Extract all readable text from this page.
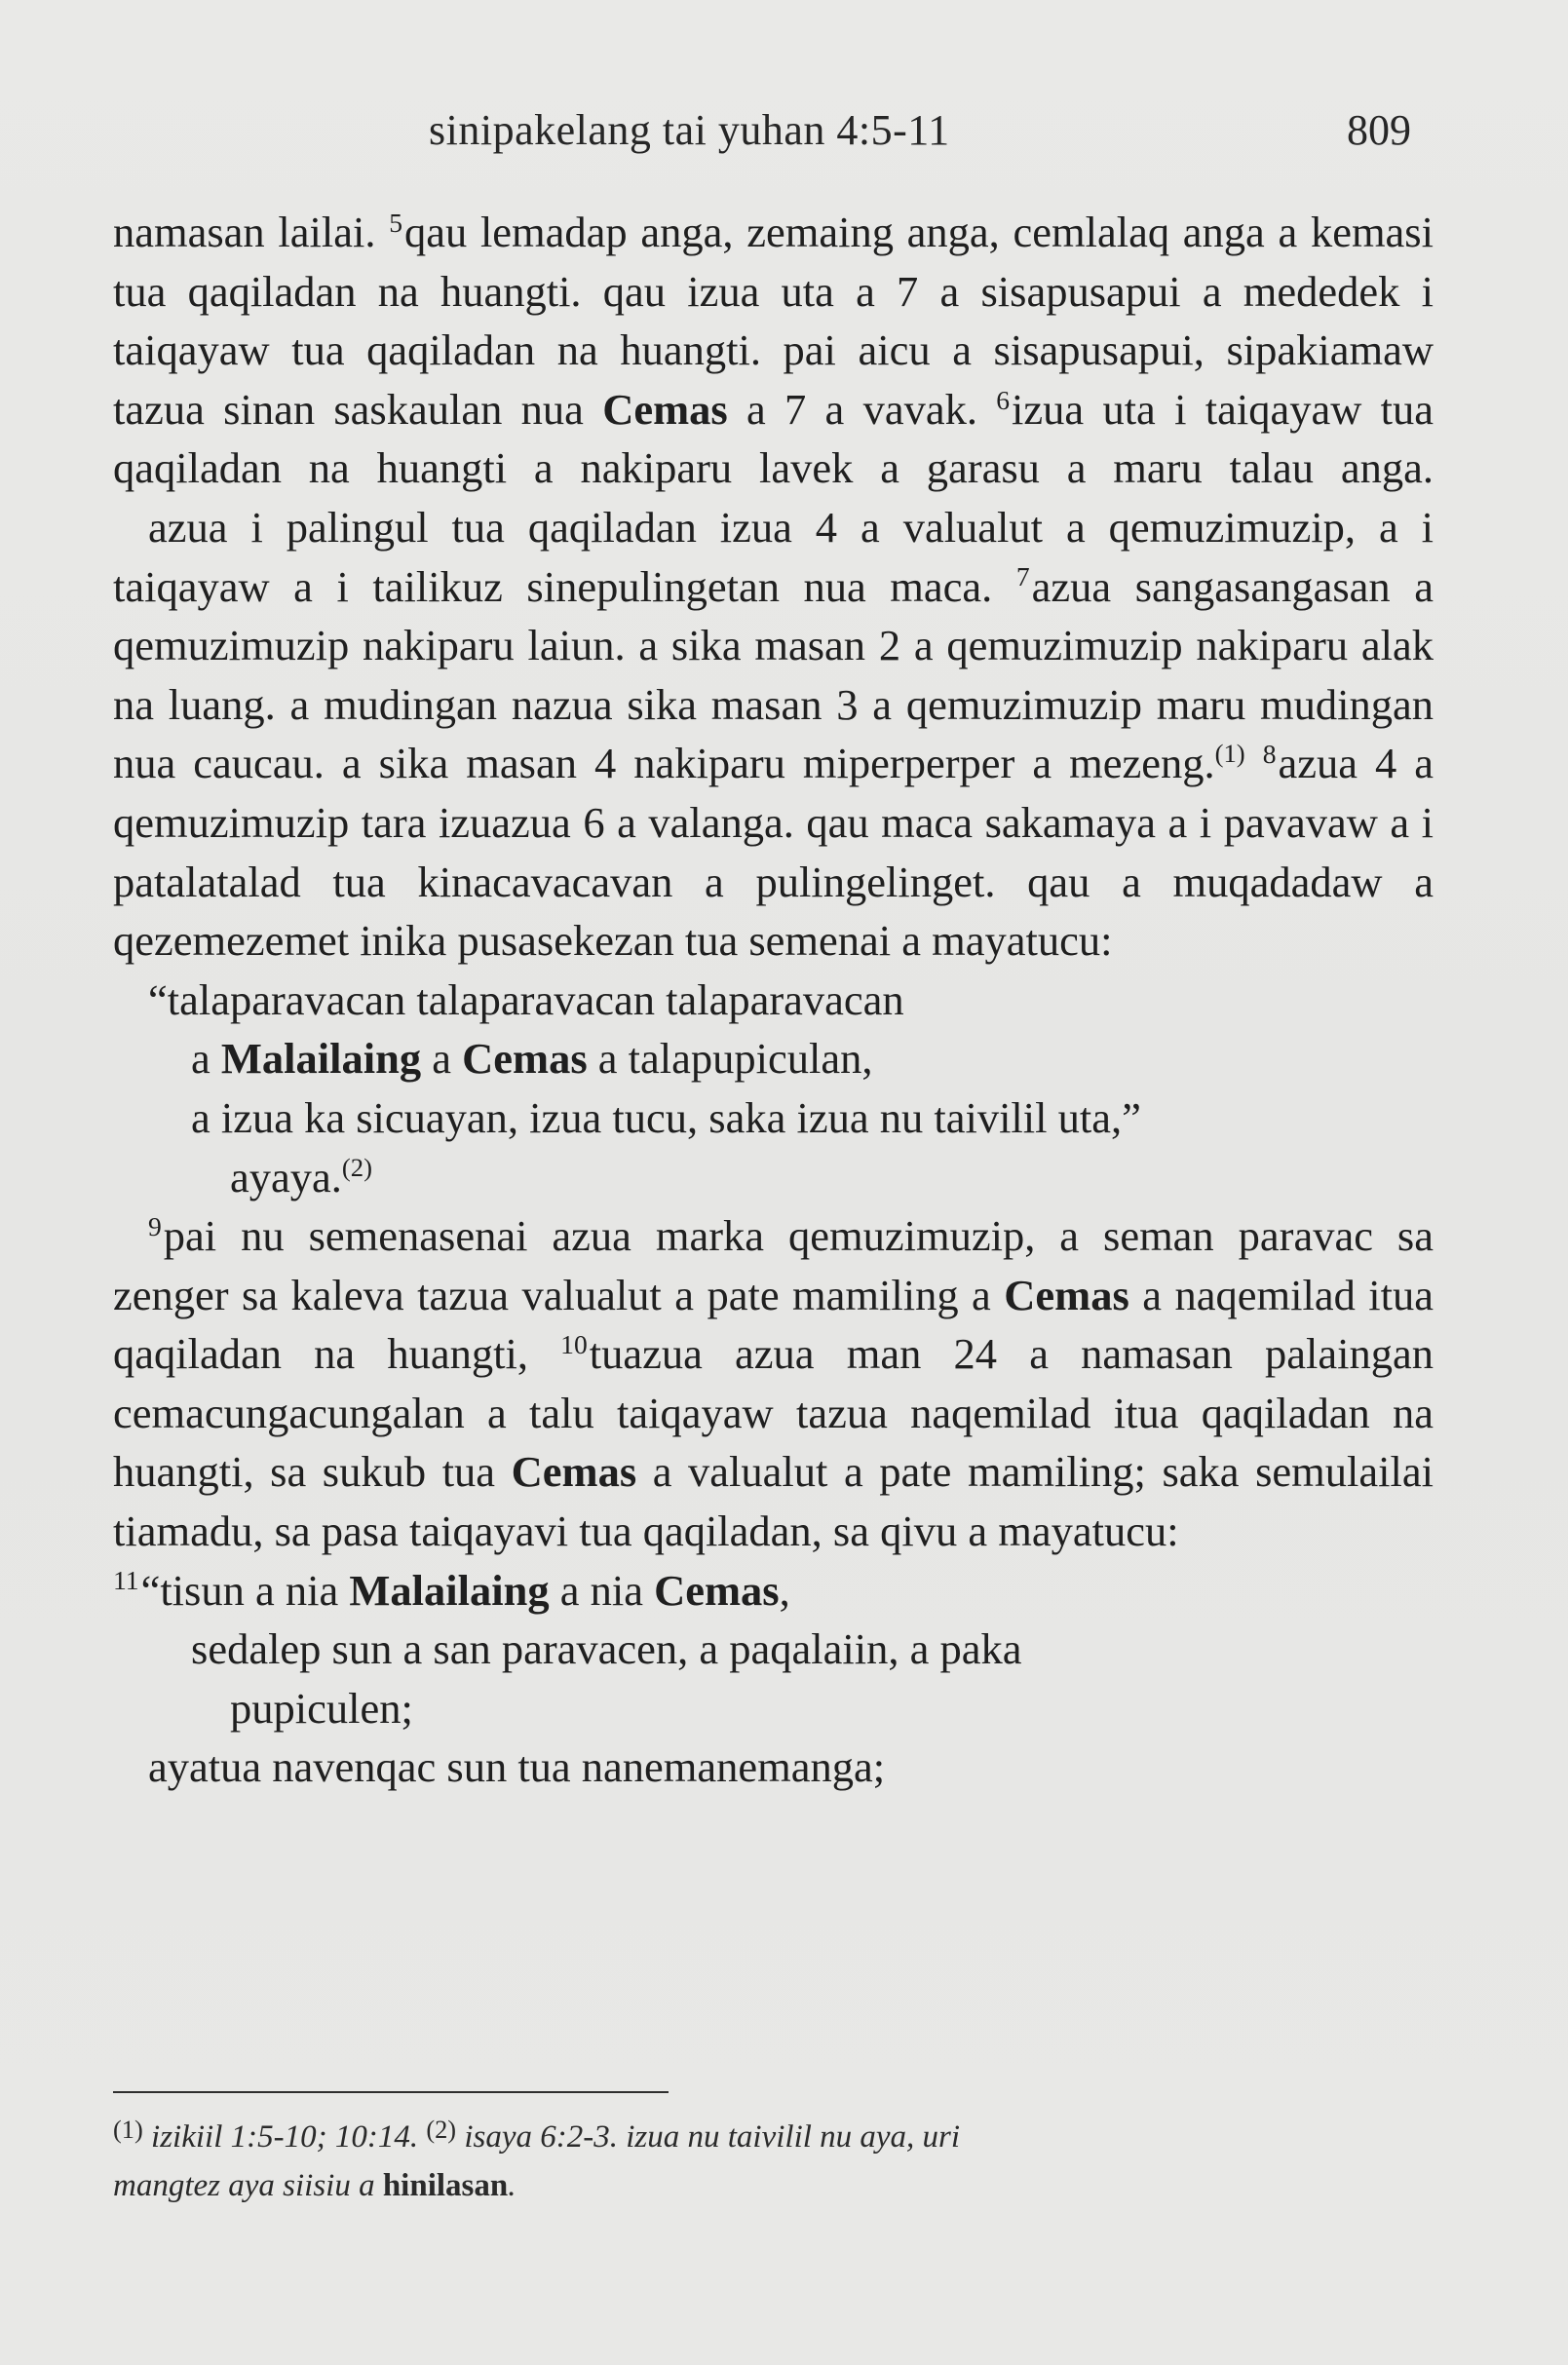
sinipakelang tai yuhan 4:5-11	809

namasan lailai. $^5$qau lemadap anga, zemaing anga, cemlalaq anga a kemasi tua qaqiladan na huangti. qau izua uta a 7 a sisapusapui a mededek i taiqayaw tua qaqiladan na huangti. pai aicu a sisapusapui, sipakiamaw tazua sinan saskaulan nua Cemas a 7 a vavak. $^6$izua uta i taiqayaw tua qaqiladan na huangti a nakiparu lavek a garasu a maru talau anga.

azua i palingul tua qaqiladan izua 4 a valualut a qemuzimuzip, a i taiqayaw a i tailikuz sinepulingetan nua maca. $^7$azua sangasangasan a qemuzimuzip nakiparu laiun. a sika masan 2 a qemuzimuzip nakiparu alak na luang. a mudingan nazua sika masan 3 a qemuzimuzip maru mudingan nua caucau. a sika masan 4 nakiparu miperperper a mezeng.$^{(1)}$ $^8$azua 4 a qemuzimuzip tara izuazua 6 a valanga. qau maca sakamaya a i pavavaw a i patalatalad tua kinacavacavan a pulingelinget. qau a muqadadaw a qezemezemet inika pusasekezan tua semenai a mayatucu:

“talaparavacan talaparavacan talaparavacan
a Malailaing a Cemas a talapupiculan,
a izua ka sicuayan, izua tucu, saka izua nu taivilil uta,”
ayaya.$^{(2)}$

$^9$pai nu semenasenai azua marka qemuzimuzip, a seman paravac sa zenger sa kaleva tazua valualut a pate mamiling a Cemas a naqemilad itua qaqiladan na huangti, $^{10}$tuazua azua man 24 a namasan palaingan cemacungacungalan a talu taiqayaw tazua naqemilad itua qaqiladan na huangti, sa sukub tua Cemas a valualut a pate mamiling; saka semulailai tiamadu, sa pasa taiqayavi tua qaqiladan, sa qivu a mayatucu:

$^{11}$“tisun a nia Malailaing a nia Cemas,
sedalep sun a san paravacen, a paqalaiin, a paka
pupiculen;
ayatua navenqac sun tua nanemanemanga;
$^{(1)}$ izikiil 1:5-10; 10:14. $^{(2)}$ isaya 6:2-3. izua nu taivilil nu aya, uri
mangtez aya siisiu a hinilasan.
